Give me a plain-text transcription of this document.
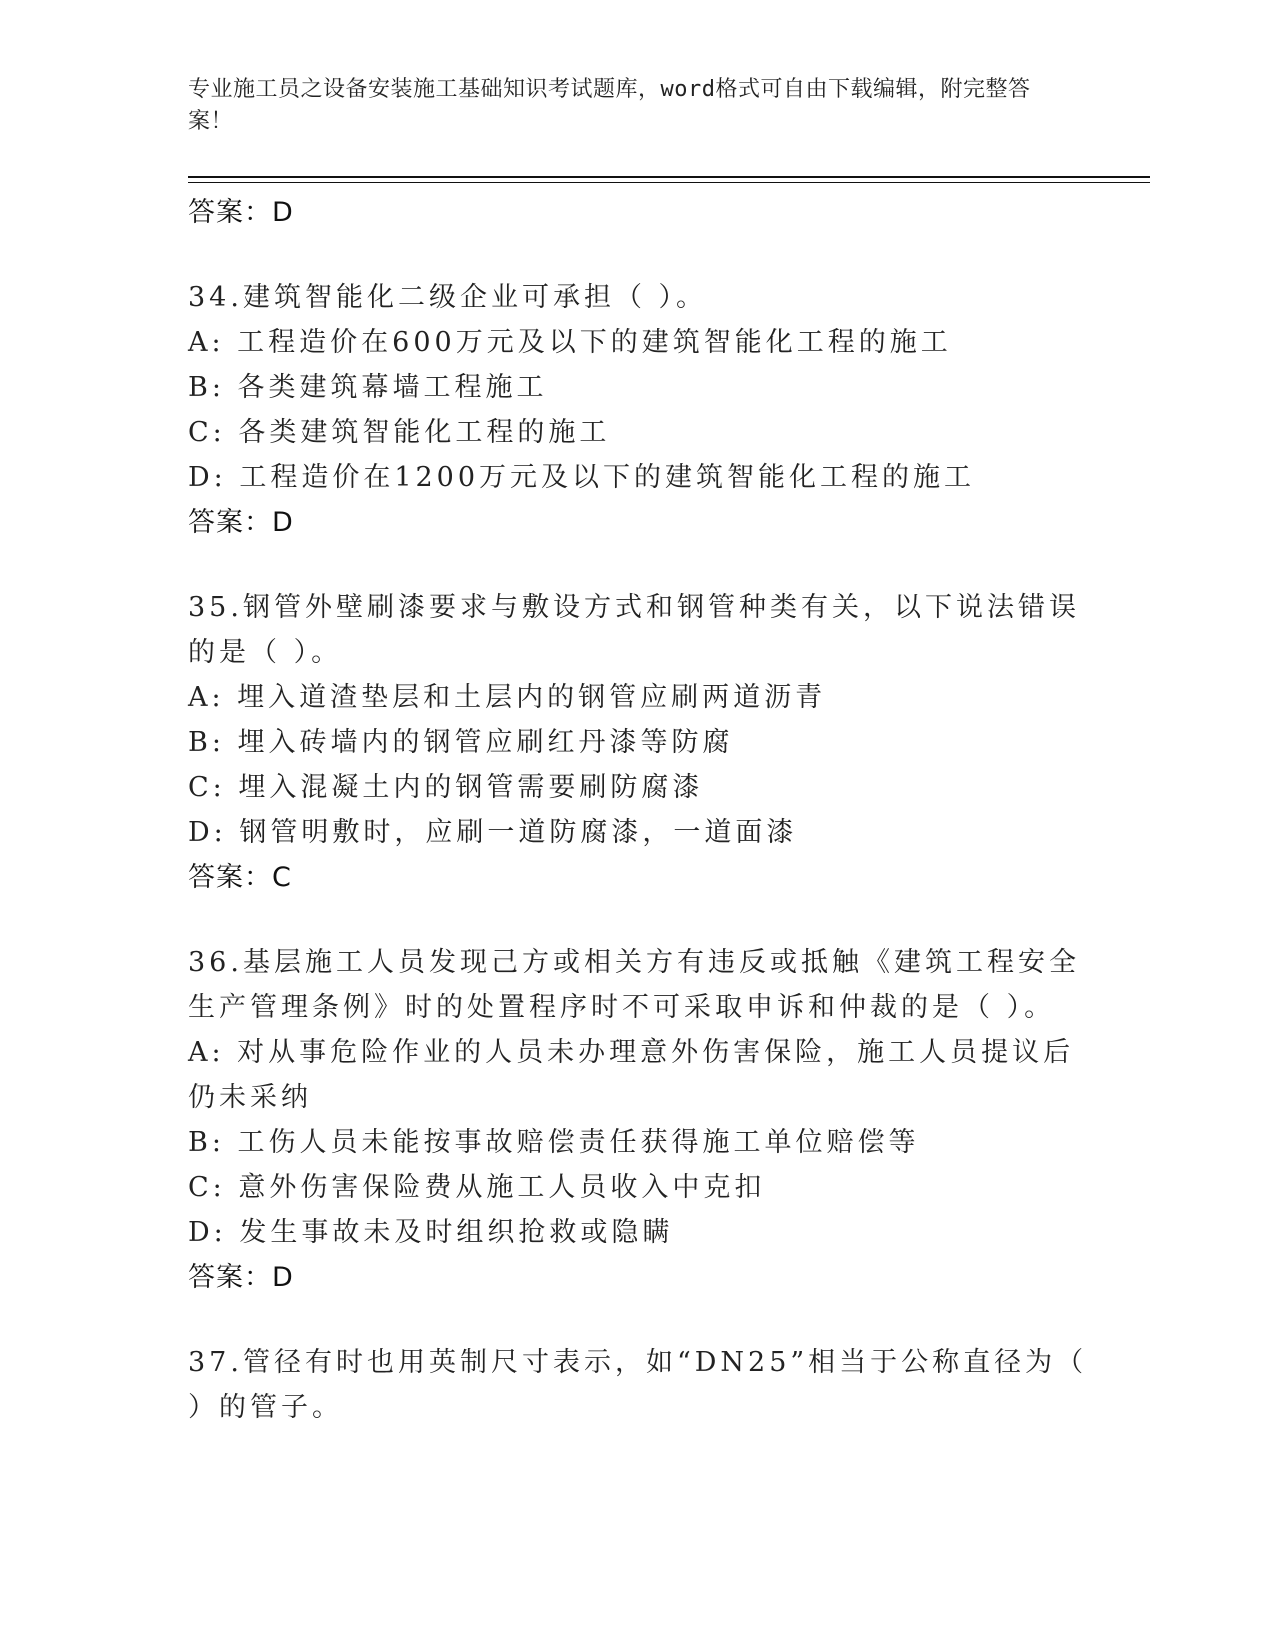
专业施工员之设备安装施工基础知识考试题库，word格式可自由下载编辑，附完整答案！
答案：D
34.建筑智能化二级企业可承担（ ）。
A: 工程造价在600万元及以下的建筑智能化工程的施工
B: 各类建筑幕墙工程施工
C: 各类建筑智能化工程的施工
D: 工程造价在1200万元及以下的建筑智能化工程的施工
答案：D
35.钢管外壁刷漆要求与敷设方式和钢管种类有关，以下说法错误的是（ ）。
A: 埋入道渣垫层和土层内的钢管应刷两道沥青
B: 埋入砖墙内的钢管应刷红丹漆等防腐
C: 埋入混凝土内的钢管需要刷防腐漆
D: 钢管明敷时，应刷一道防腐漆，一道面漆
答案：C
36.基层施工人员发现己方或相关方有违反或抵触《建筑工程安全生产管理条例》时的处置程序时不可采取申诉和仲裁的是（ ）。
A: 对从事危险作业的人员未办理意外伤害保险，施工人员提议后仍未采纳
B: 工伤人员未能按事故赔偿责任获得施工单位赔偿等
C: 意外伤害保险费从施工人员收入中克扣
D: 发生事故未及时组织抢救或隐瞒
答案：D
37.管径有时也用英制尺寸表示，如“DN25”相当于公称直径为（ ）的管子。
